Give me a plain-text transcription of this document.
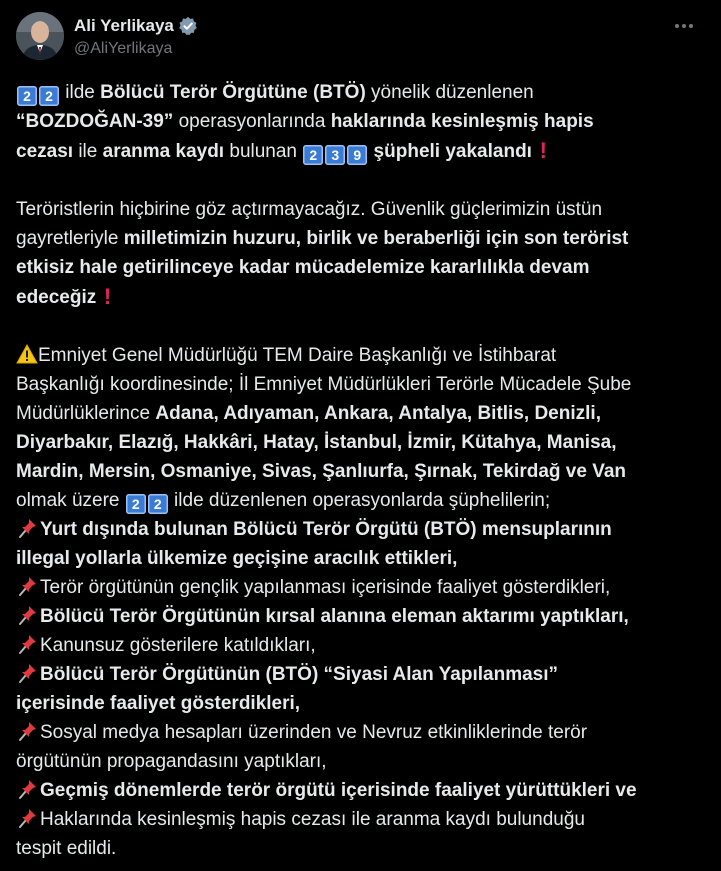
Ali Yerlikaya
@AliYerlikaya

2 2 ilde Bölücü Terör Örgütüne (BTÖ) yönelik düzenlenen

“BOZDOĞAN-39” operasyonlarında haklarında kesinleşmiş hapis

cezası ile aranma kaydı bulunan 2 3 9 şüpheli yakalandı !

Teröristlerin hiçbirine göz açtırmayacağız. Güvenlik güçlerimizin üstün

gayretleriyle milletimizin huzuru, birlik ve beraberliği için son terörist

etkisiz hale getirilinceye kadar mücadelemize kararlılıkla devam

edeceğiz !

Emniyet Genel Müdürlüğü TEM Daire Başkanlığı ve İstihbarat

Başkanlığı koordinesinde; İl Emniyet Müdürlükleri Terörle Mücadele Şube

Müdürlüklerince Adana, Adıyaman, Ankara, Antalya, Bitlis, Denizli,

Diyarbakır, Elazığ, Hakkâri, Hatay, İstanbul, İzmir, Kütahya, Manisa,

Mardin, Mersin, Osmaniye, Sivas, Şanlıurfa, Şırnak, Tekirdağ ve Van

olmak üzere 2 2 ilde düzenlenen operasyonlarda şüphelilerin;

Yurt dışında bulunan Bölücü Terör Örgütü (BTÖ) mensuplarının

illegal yollarla ülkemize geçişine aracılık ettikleri,

Terör örgütünün gençlik yapılanması içerisinde faaliyet gösterdikleri,

Bölücü Terör Örgütünün kırsal alanına eleman aktarımı yaptıkları,

Kanunsuz gösterilere katıldıkları,

Bölücü Terör Örgütünün (BTÖ) “Siyasi Alan Yapılanması”

içerisinde faaliyet gösterdikleri,

Sosyal medya hesapları üzerinden ve Nevruz etkinliklerinde terör

örgütünün propagandasını yaptıkları,

Geçmiş dönemlerde terör örgütü içerisinde faaliyet yürüttükleri ve

Haklarında kesinleşmiş hapis cezası ile aranma kaydı bulunduğu

tespit edildi.
